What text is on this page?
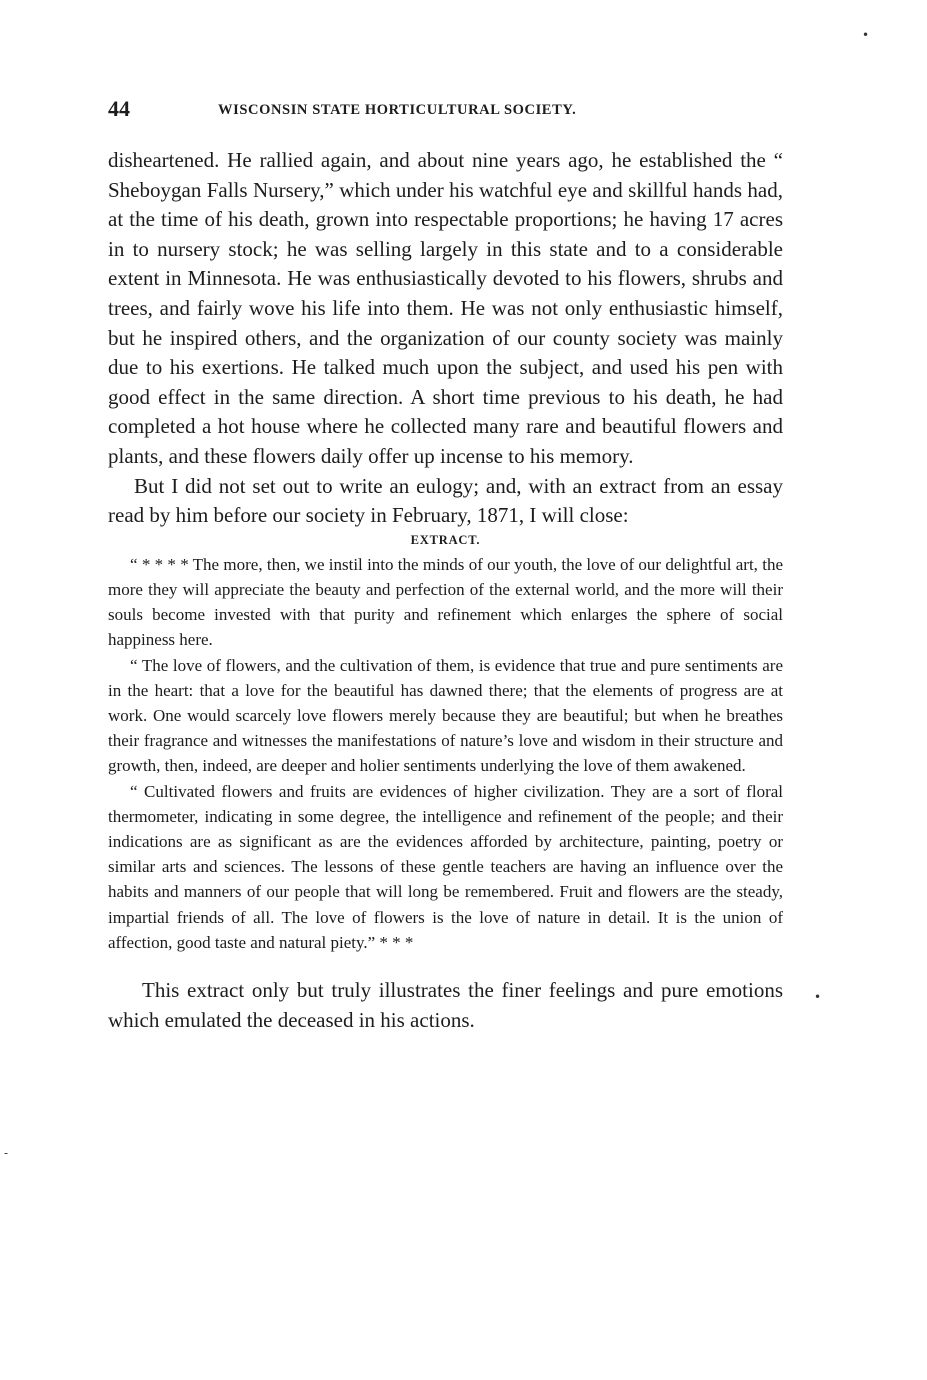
44	WISCONSIN STATE HORTICULTURAL SOCIETY.

disheartened. He rallied again, and about nine years ago, he established the “ Sheboygan Falls Nursery,” which under his watchful eye and skillful hands had, at the time of his death, grown into respectable proportions; he having 17 acres in to nursery stock; he was selling largely in this state and to a considerable extent in Minnesota. He was enthusiastically devoted to his flowers, shrubs and trees, and fairly wove his life into them. He was not only enthusiastic himself, but he inspired others, and the organization of our county society was mainly due to his exertions. He talked much upon the subject, and used his pen with good effect in the same direction. A short time previous to his death, he had completed a hot house where he collected many rare and beautiful flowers and plants, and these flowers daily offer up incense to his memory.

But I did not set out to write an eulogy; and, with an extract from an essay read by him before our society in February, 1871, I will close:

EXTRACT.

“ * * * * The more, then, we instil into the minds of our youth, the love of our delightful art, the more they will appreciate the beauty and perfection of the external world, and the more will their souls become invested with that purity and refinement which enlarges the sphere of social happiness here.

“ The love of flowers, and the cultivation of them, is evidence that true and pure sentiments are in the heart: that a love for the beautiful has dawned there; that the elements of progress are at work. One would scarcely love flowers merely because they are beautiful; but when he breathes their fragrance and witnesses the manifestations of nature’s love and wisdom in their structure and growth, then, indeed, are deeper and holier sentiments underlying the love of them awakened.

“ Cultivated flowers and fruits are evidences of higher civilization. They are a sort of floral thermometer, indicating in some degree, the intelligence and refinement of the people; and their indications are as significant as are the evidences afforded by architecture, painting, poetry or similar arts and sciences. The lessons of these gentle teachers are having an influence over the habits and manners of our people that will long be remembered. Fruit and flowers are the steady, impartial friends of all. The love of flowers is the love of nature in detail. It is the union of affection, good taste and natural piety.” * * *

This extract only but truly illustrates the finer feelings and pure emotions which emulated the deceased in his actions.
•
•
-
